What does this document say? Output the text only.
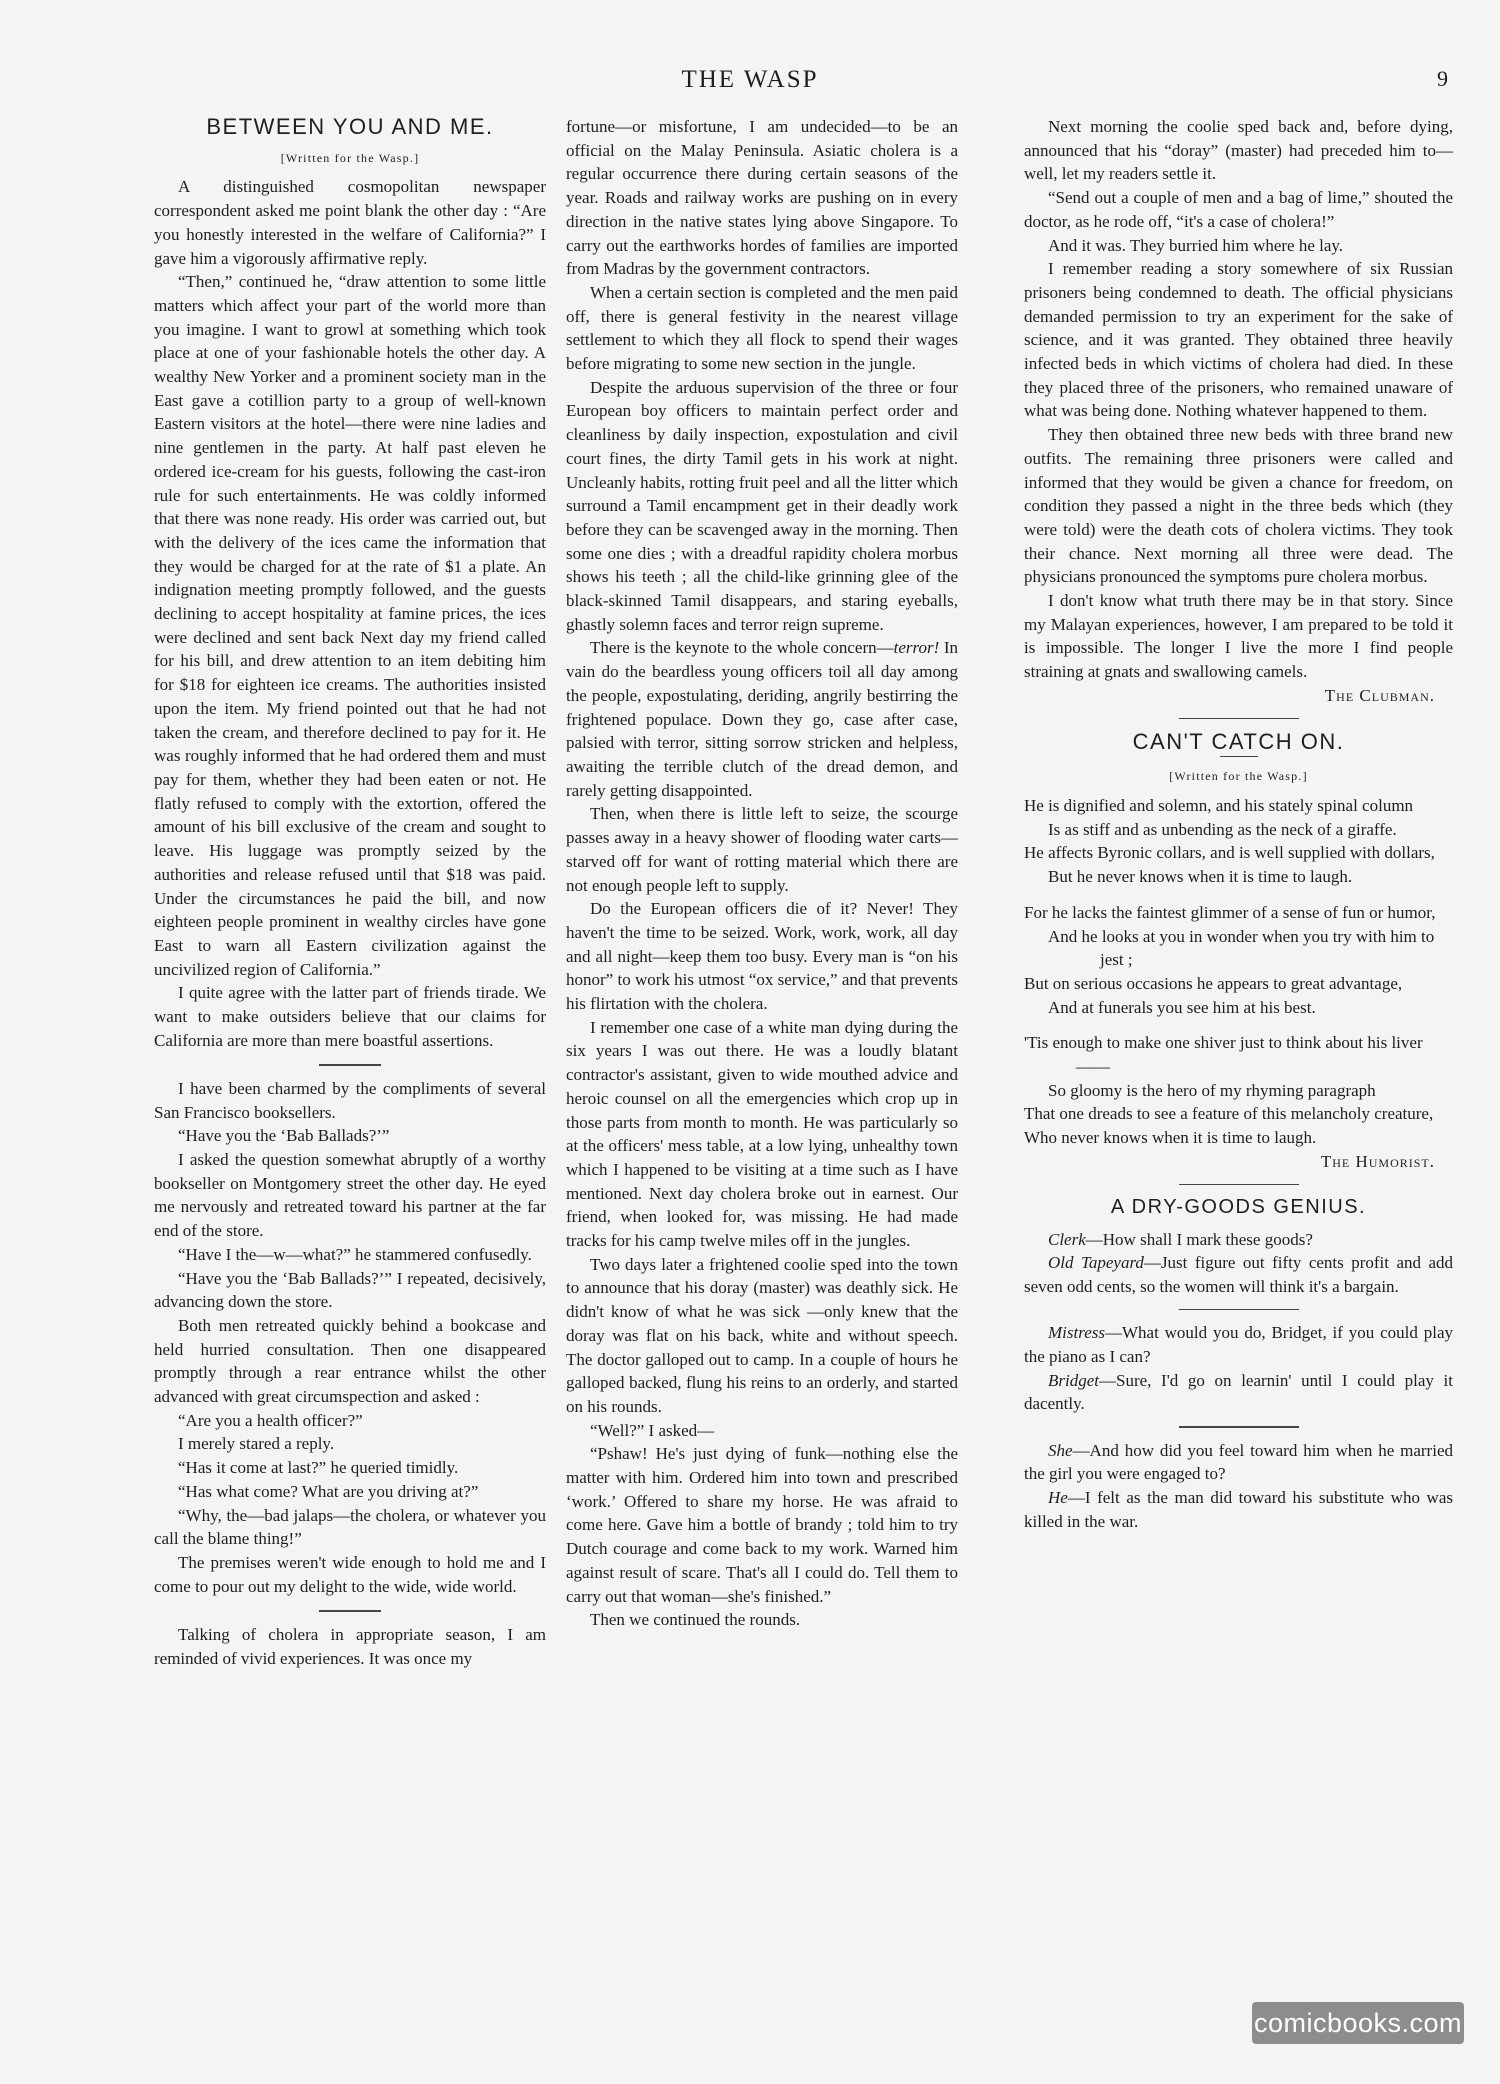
THE WASP	9
BETWEEN YOU AND ME.
[Written for the Wasp.]

A distinguished cosmopolitan newspaper correspondent asked me point blank the other day : “Are you honestly interested in the welfare of California?” I gave him a vigorously affirmative reply.

“Then,” continued he, “draw attention to some little matters which affect your part of the world more than you imagine. I want to growl at something which took place at one of your fashionable hotels the other day. A wealthy New Yorker and a prominent society man in the East gave a cotillion party to a group of well-known Eastern visitors at the hotel—there were nine ladies and nine gentlemen in the party. At half past eleven he ordered ice-cream for his guests, following the cast-iron rule for such entertainments. He was coldly informed that there was none ready. His order was carried out, but with the delivery of the ices came the information that they would be charged for at the rate of $1 a plate. An indignation meeting promptly followed, and the guests declining to accept hospitality at famine prices, the ices were declined and sent back Next day my friend called for his bill, and drew attention to an item debiting him for $18 for eighteen ice creams. The authorities insisted upon the item. My friend pointed out that he had not taken the cream, and therefore declined to pay for it. He was roughly informed that he had ordered them and must pay for them, whether they had been eaten or not. He flatly refused to comply with the extortion, offered the amount of his bill exclusive of the cream and sought to leave. His luggage was promptly seized by the authorities and release refused until that $18 was paid. Under the circumstances he paid the bill, and now eighteen people prominent in wealthy circles have gone East to warn all Eastern civilization against the uncivilized region of California.”

I quite agree with the latter part of friends tirade. We want to make outsiders believe that our claims for California are more than mere boastful assertions.

I have been charmed by the compliments of several San Francisco booksellers.

“Have you the ‘Bab Ballads?’”

I asked the question somewhat abruptly of a worthy bookseller on Montgomery street the other day. He eyed me nervously and retreated toward his partner at the far end of the store.

“Have I the—w—what?” he stammered confusedly.

“Have you the ‘Bab Ballads?’” I repeated, decisively, advancing down the store.

Both men retreated quickly behind a bookcase and held hurried consultation. Then one disappeared promptly through a rear entrance whilst the other advanced with great circumspection and asked :

“Are you a health officer?”

I merely stared a reply.

“Has it come at last?” he queried timidly.

“Has what come? What are you driving at?”

“Why, the—bad jalaps—the cholera, or whatever you call the blame thing!”

The premises weren't wide enough to hold me and I come to pour out my delight to the wide, wide world.

Talking of cholera in appropriate season, I am reminded of vivid experiences. It was once my

fortune—or misfortune, I am undecided—to be an official on the Malay Peninsula. Asiatic cholera is a regular occurrence there during certain seasons of the year. Roads and railway works are pushing on in every direction in the native states lying above Singapore. To carry out the earthworks hordes of families are imported from Madras by the government contractors.

When a certain section is completed and the men paid off, there is general festivity in the nearest village settlement to which they all flock to spend their wages before migrating to some new section in the jungle.

Despite the arduous supervision of the three or four European boy officers to maintain perfect order and cleanliness by daily inspection, expostulation and civil court fines, the dirty Tamil gets in his work at night. Uncleanly habits, rotting fruit peel and all the litter which surround a Tamil encampment get in their deadly work before they can be scavenged away in the morning. Then some one dies ; with a dreadful rapidity cholera morbus shows his teeth ; all the child-like grinning glee of the black-skinned Tamil disappears, and staring eyeballs, ghastly solemn faces and terror reign supreme.

There is the keynote to the whole concern—terror! In vain do the beardless young officers toil all day among the people, expostulating, deriding, angrily bestirring the frightened populace. Down they go, case after case, palsied with terror, sitting sorrow stricken and helpless, awaiting the terrible clutch of the dread demon, and rarely getting disappointed.

Then, when there is little left to seize, the scourge passes away in a heavy shower of flooding water carts—starved off for want of rotting material which there are not enough people left to supply.

Do the European officers die of it? Never! They haven't the time to be seized. Work, work, work, all day and all night—keep them too busy. Every man is “on his honor” to work his utmost “ox service,” and that prevents his flirtation with the cholera.

I remember one case of a white man dying during the six years I was out there. He was a loudly blatant contractor's assistant, given to wide mouthed advice and heroic counsel on all the emergencies which crop up in those parts from month to month. He was particularly so at the officers' mess table, at a low lying, unhealthy town which I happened to be visiting at a time such as I have mentioned. Next day cholera broke out in earnest. Our friend, when looked for, was missing. He had made tracks for his camp twelve miles off in the jungles.

Two days later a frightened coolie sped into the town to announce that his doray (master) was deathly sick. He didn't know of what he was sick —only knew that the doray was flat on his back, white and without speech. The doctor galloped out to camp. In a couple of hours he galloped backed, flung his reins to an orderly, and started on his rounds.

“Well?” I asked—

“Pshaw! He's just dying of funk—nothing else the matter with him. Ordered him into town and prescribed ‘work.’ Offered to share my horse. He was afraid to come here. Gave him a bottle of brandy ; told him to try Dutch courage and come back to my work. Warned him against result of scare. That's all I could do. Tell them to carry out that woman—she's finished.”

Then we continued the rounds.

Next morning the coolie sped back and, before dying, announced that his “doray” (master) had preceded him to—well, let my readers settle it.

“Send out a couple of men and a bag of lime,” shouted the doctor, as he rode off, “it's a case of cholera!”

And it was. They burried him where he lay.

I remember reading a story somewhere of six Russian prisoners being condemned to death. The official physicians demanded permission to try an experiment for the sake of science, and it was granted. They obtained three heavily infected beds in which victims of cholera had died. In these they placed three of the prisoners, who remained unaware of what was being done. Nothing whatever happened to them.

They then obtained three new beds with three brand new outfits. The remaining three prisoners were called and informed that they would be given a chance for freedom, on condition they passed a night in the three beds which (they were told) were the death cots of cholera victims. They took their chance. Next morning all three were dead. The physicians pronounced the symptoms pure cholera morbus.

I don't know what truth there may be in that story. Since my Malayan experiences, however, I am prepared to be told it is impossible. The longer I live the more I find people straining at gnats and swallowing camels.

The Clubman.
CAN'T CATCH ON.
[Written for the Wasp.]

He is dignified and solemn, and his stately spinal column

Is as stiff and as unbending as the neck of a giraffe.

He affects Byronic collars, and is well supplied with dollars,

But he never knows when it is time to laugh.

For he lacks the faintest glimmer of a sense of fun or humor,

And he looks at you in wonder when you try with him to jest ;

But on serious occasions he appears to great advantage,

And at funerals you see him at his best.

'Tis enough to make one shiver just to think about his liver——

So gloomy is the hero of my rhyming paragraph

That one dreads to see a feature of this melancholy creature,

Who never knows when it is time to laugh.

The Humorist.
A DRY-GOODS GENIUS.

Clerk—How shall I mark these goods?

Old Tapeyard—Just figure out fifty cents profit and add seven odd cents, so the women will think it's a bargain.

Mistress—What would you do, Bridget, if you could play the piano as I can?

Bridget—Sure, I'd go on learnin' until I could play it dacently.

She—And how did you feel toward him when he married the girl you were engaged to?

He—I felt as the man did toward his substitute who was killed in the war.

comicbooks.com
